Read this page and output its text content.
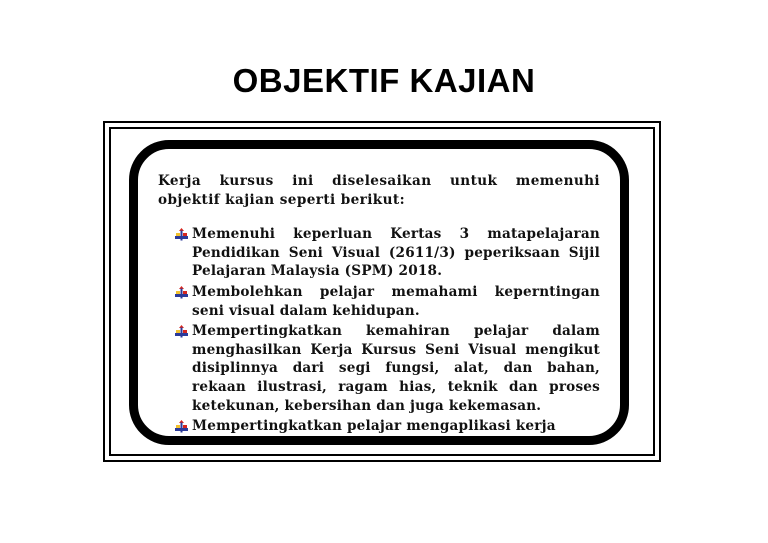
OBJEKTIF KAJIAN

Kerja kursus ini diselesaikan untuk memenuhi objektif kajian seperti berikut:

Memenuhi keperluan Kertas 3 matapelajaran Pendidikan Seni Visual (2611/3) peperiksaan Sijil Pelajaran Malaysia (SPM) 2018.
Membolehkan pelajar memahami keperntingan seni visual dalam kehidupan.
Mempertingkatkan kemahiran pelajar dalam menghasilkan Kerja Kursus Seni Visual mengikut disiplinnya dari segi fungsi, alat, dan bahan, rekaan ilustrasi, ragam hias, teknik dan proses ketekunan, kebersihan dan juga kekemasan.
Mempertingkatkan pelajar mengaplikasi kerja
